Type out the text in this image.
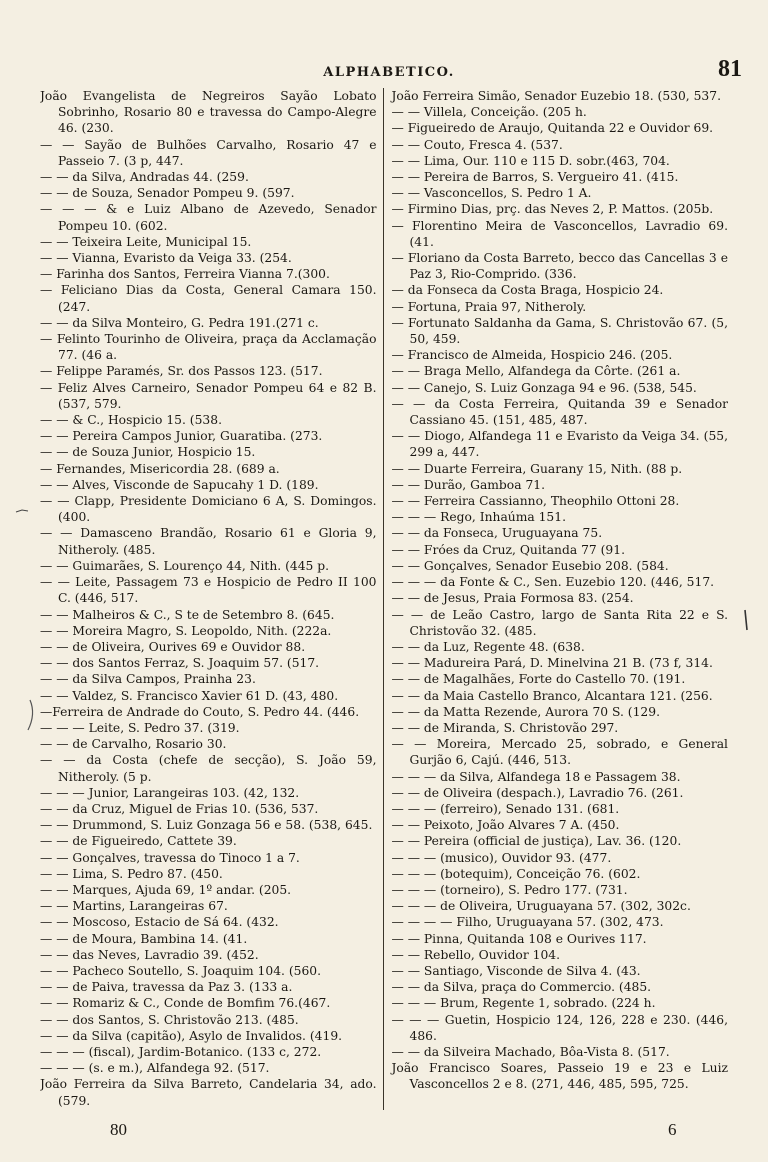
ALPHABETICO.	81
João Evangelista de Negreiros Sayão Lobato Sobrinho, Rosario 80 e travessa do Campo-Alegre 46. (230.
— — Sayão de Bulhões Carvalho, Rosario 47 e Passeio 7. (3 p, 447.
— — da Silva, Andradas 44. (259.
— — de Souza, Senador Pompeu 9. (597.
— — — & e Luiz Albano de Azevedo, Senador Pompeu 10. (602.
— — Teixeira Leite, Municipal 15.
— — Vianna, Evaristo da Veiga 33. (254.
— Farinha dos Santos, Ferreira Vianna 7.(300.
— Feliciano Dias da Costa, General Camara 150. (247.
— — da Silva Monteiro, G. Pedra 191.(271 c.
— Felinto Tourinho de Oliveira, praça da Acclamação 77. (46 a.
— Felippe Paramés, Sr. dos Passos 123. (517.
— Feliz Alves Carneiro, Senador Pompeu 64 e 82 B. (537, 579.
— — & C., Hospicio 15. (538.
— — Pereira Campos Junior, Guaratiba. (273.
— — de Souza Junior, Hospicio 15.
— Fernandes, Misericordia 28. (689 a.
— — Alves, Visconde de Sapucahy 1 D. (189.
— — Clapp, Presidente Domiciano 6 A, S. Domingos. (400.
— — Damasceno Brandão, Rosario 61 e Gloria 9, Nitheroly. (485.
— — Guimarães, S. Lourenço 44, Nith. (445 p.
— — Leite, Passagem 73 e Hospicio de Pedro II 100 C. (446, 517.
— — Malheiros & C., S te de Setembro 8. (645.
— — Moreira Magro, S. Leopoldo, Nith. (222a.
— — de Oliveira, Ourives 69 e Ouvidor 88.
— — dos Santos Ferraz, S. Joaquim 57. (517.
— — da Silva Campos, Prainha 23.
— — Valdez, S. Francisco Xavier 61 D. (43, 480.
—Ferreira de Andrade do Couto, S. Pedro 44. (446.
— — — Leite, S. Pedro 37. (319.
— — de Carvalho, Rosario 30.
— — da Costa (chefe de secção), S. João 59, Nitheroly. (5 p.
— — — Junior, Larangeiras 103. (42, 132.
— — da Cruz, Miguel de Frias 10. (536, 537.
— — Drummond, S. Luiz Gonzaga 56 e 58. (538, 645.
— — de Figueiredo, Cattete 39.
— — Gonçalves, travessa do Tinoco 1 a 7.
— — Lima, S. Pedro 87. (450.
— — Marques, Ajuda 69, 1º andar. (205.
— — Martins, Larangeiras 67.
— — Moscoso, Estacio de Sá 64. (432.
— — de Moura, Bambina 14. (41.
— — das Neves, Lavradio 39. (452.
— — Pacheco Soutello, S. Joaquim 104. (560.
— — de Paiva, travessa da Paz 3. (133 a.
— — Romariz & C., Conde de Bomfim 76.(467.
— — dos Santos, S. Christovão 213. (485.
— — da Silva (capitão), Asylo de Invalidos. (419.
— — — (fiscal), Jardim-Botanico. (133 c, 272.
— — — (s. e m.), Alfandega 92. (517.
João Ferreira da Silva Barreto, Candelaria 34, ado. (579.
João Ferreira Simão, Senador Euzebio 18. (530, 537.
— — Villela, Conceição. (205 h.
— Figueiredo de Araujo, Quitanda 22 e Ouvidor 69.
— — Couto, Fresca 4. (537.
— — Lima, Our. 110 e 115 D. sobr.(463, 704.
— — Pereira de Barros, S. Vergueiro 41. (415.
— — Vasconcellos, S. Pedro 1 A.
— Firmino Dias, prç. das Neves 2, P. Mattos. (205b.
— Florentino Meira de Vasconcellos, Lavradio 69. (41.
— Floriano da Costa Barreto, becco das Cancellas 3 e Paz 3, Rio-Comprido. (336.
— da Fonseca da Costa Braga, Hospicio 24.
— Fortuna, Praia 97, Nitheroly.
— Fortunato Saldanha da Gama, S. Christovão 67. (5, 50, 459.
— Francisco de Almeida, Hospicio 246. (205.
— — Braga Mello, Alfandega da Côrte. (261 a.
— — Canejo, S. Luiz Gonzaga 94 e 96. (538, 545.
— — da Costa Ferreira, Quitanda 39 e Senador Cassiano 45. (151, 485, 487.
— — Diogo, Alfandega 11 e Evaristo da Veiga 34. (55, 299 a, 447.
— — Duarte Ferreira, Guarany 15, Nith. (88 p.
— — Durão, Gamboa 71.
— — Ferreira Cassianno, Theophilo Ottoni 28.
— — — Rego, Inhaúma 151.
— — da Fonseca, Uruguayana 75.
— — Fróes da Cruz, Quitanda 77 (91.
— — Gonçalves, Senador Eusebio 208. (584.
— — — da Fonte & C., Sen. Euzebio 120. (446, 517.
— — de Jesus, Praia Formosa 83. (254.
— — de Leão Castro, largo de Santa Rita 22 e S. Christovão 32. (485.
— — da Luz, Regente 48. (638.
— — Madureira Pará, D. Minelvina 21 B. (73 f, 314.
— — de Magalhães, Forte do Castello 70. (191.
— — da Maia Castello Branco, Alcantara 121. (256.
— — da Matta Rezende, Aurora 70 S. (129.
— — de Miranda, S. Christovão 297.
— — Moreira, Mercado 25, sobrado, e General Gurjão 6, Cajú. (446, 513.
— — — da Silva, Alfandega 18 e Passagem 38.
— — de Oliveira (despach.), Lavradio 76. (261.
— — — (ferreiro), Senado 131. (681.
— — Peixoto, João Alvares 7 A. (450.
— — Pereira (official de justiça), Lav. 36. (120.
— — — (musico), Ouvidor 93. (477.
— — — (botequim), Conceição 76. (602.
— — — (torneiro), S. Pedro 177. (731.
— — — de Oliveira, Uruguayana 57. (302, 302c.
— — — — Filho, Uruguayana 57. (302, 473.
— — Pinna, Quitanda 108 e Ourives 117.
— — Rebello, Ouvidor 104.
— — Santiago, Visconde de Silva 4. (43.
— — da Silva, praça do Commercio. (485.
— — — Brum, Regente 1, sobrado. (224 h.
— — — Guetin, Hospicio 124, 126, 228 e 230. (446, 486.
— — da Silveira Machado, Bôa-Vista 8. (517.
João Francisco Soares, Passeio 19 e 23 e Luiz Vasconcellos 2 e 8. (271, 446, 485, 595, 725.
80	6
